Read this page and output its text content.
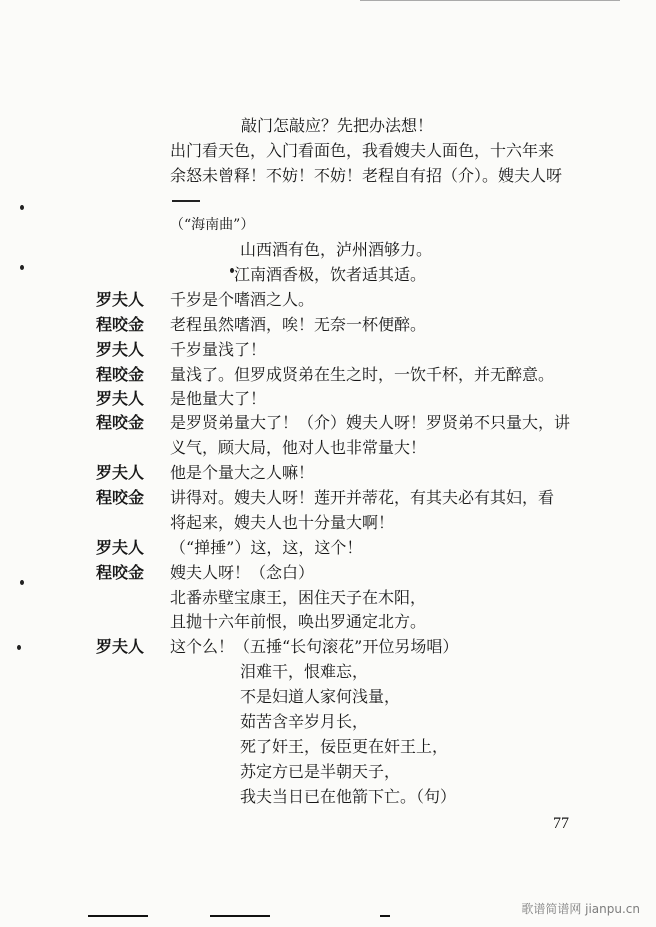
敲门怎敲应？先把办法想！
出门看天色，入门看面色，我看嫂夫人面色，十六年来
余怒未曾释！不妨！不妨！老程自有招（介）。嫂夫人呀
（“海南曲”）
山西酒有色，泸州酒够力。
江南酒香极，饮者适其适。
罗夫人 千岁是个嗜酒之人。
程咬金 老程虽然嗜酒，唉！无奈一杯便醉。
罗夫人 千岁量浅了！
程咬金 量浅了。但罗成贤弟在生之时，一饮千杯，并无醉意。
罗夫人 是他量大了！
程咬金 是罗贤弟量大了！（介）嫂夫人呀！罗贤弟不只量大，讲
义气，顾大局，他对人也非常量大！
罗夫人 他是个量大之人嘛！
程咬金 讲得对。嫂夫人呀！莲开并蒂花，有其夫必有其妇，看
将起来，嫂夫人也十分量大啊！
罗夫人 （“掸捶”）这，这，这个！
程咬金 嫂夫人呀！（念白）
北番赤壁宝康王，困住天子在木阳，
且抛十六年前恨，唤出罗通定北方。
罗夫人 这个么！（五捶“长句滚花”开位另场唱）
泪难干，恨难忘，
不是妇道人家何浅量，
茹苦含辛岁月长，
死了奸王，佞臣更在奸王上，
苏定方已是半朝天子，
我夫当日已在他箭下亡。（句）
77
歌谱简谱网 jianpu.cn
